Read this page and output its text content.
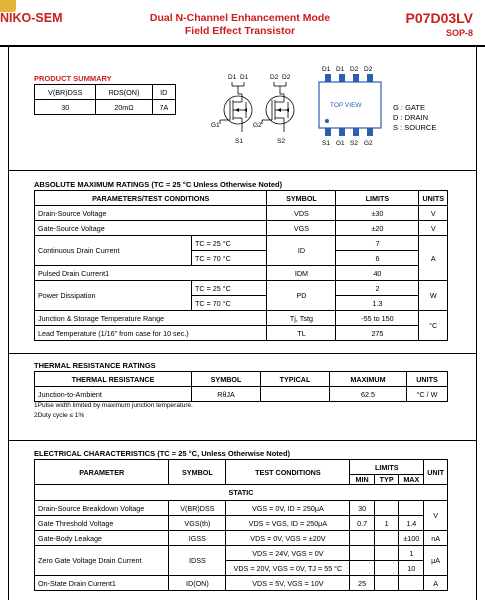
NIKO-SEM	Dual N-Channel Enhancement Mode
Field Effect Transistor
P07D03LV
SOP-8
PRODUCT SUMMARY
V(BR)DSS	RDS(ON)	ID
30	20mΩ	7A
D1 D1	D2 D2
G1	G2
S1	S2
D1 D1 D2 D2
TOP VIEW
S1 G1 S2 G2
G : GATE
D : DRAIN
S : SOURCE
ABSOLUTE MAXIMUM RATINGS (TC = 25 °C Unless Otherwise Noted)
PARAMETERS/TEST CONDITIONS		SYMBOL	LIMITS	UNITS
Drain-Source Voltage		VDS	±30	V
Gate-Source Voltage		VGS	±20	V
Continuous Drain Current	TC = 25 °C	ID	7	A
	TC = 70 °C		6	
Pulsed Drain Current1		IDM	40	
Power Dissipation	TC = 25 °C	PD	2	W
	TC = 70 °C		1.3	
Junction & Storage Temperature Range		Tj, Tstg	-55 to 150	°C
Lead Temperature (1/16" from case for 10 sec.)		TL	275	
THERMAL RESISTANCE RATINGS
THERMAL RESISTANCE	SYMBOL	TYPICAL	MAXIMUM	UNITS
Junction-to-Ambient	RθJA		62.5	°C / W
1Pulse width limited by maximum junction temperature.
2Duty cycle ≤ 1%
ELECTRICAL CHARACTERISTICS (TC = 25 °C, Unless Otherwise Noted)
PARAMETER	SYMBOL	TEST CONDITIONS	LIMITS			UNIT
			MIN	TYP	MAX	
STATIC						
Drain-Source Breakdown Voltage	V(BR)DSS	VGS = 0V, ID = 250μA	30			V
Gate Threshold Voltage	VGS(th)	VDS = VGS, ID = 250μA	0.7	1	1.4	
Gate-Body Leakage	IGSS	VDS = 0V, VGS = ±20V			±100	nA
Zero Gate Voltage Drain Current	IDSS	VDS = 24V, VGS = 0V			1	μA
		VDS = 20V, VGS = 0V, TJ = 55 °C			10	
On-State Drain Current1	ID(ON)	VDS = 5V, VGS = 10V	25			A
